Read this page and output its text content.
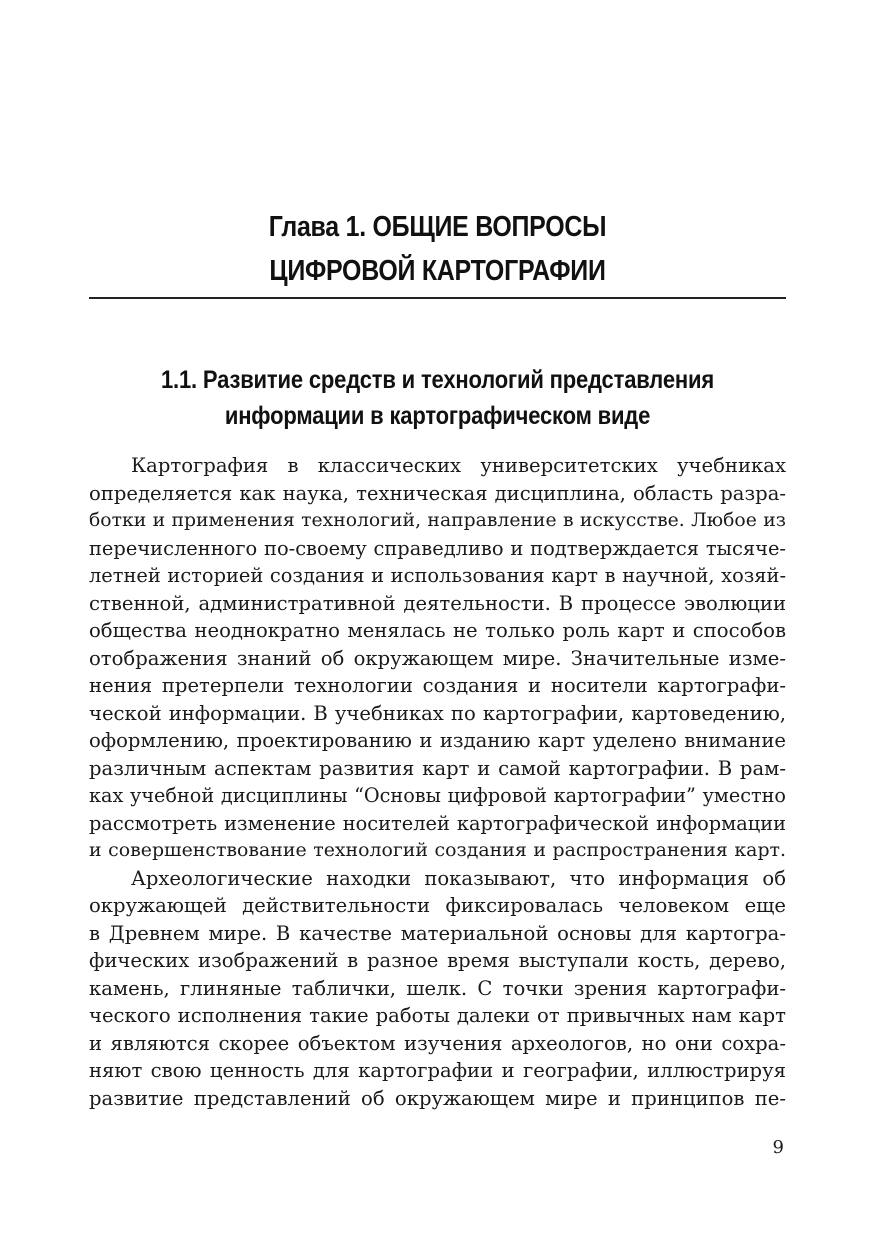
Глава 1. ОБЩИЕ ВОПРОСЫ
ЦИФРОВОЙ КАРТОГРАФИИ
1.1. Развитие средств и технологий представления
информации в картографическом виде

Картография в классических университетских учебниках
определяется как наука, техническая дисциплина, область разра-
ботки и применения технологий, направление в искусстве. Любое из
перечисленного по-своему справедливо и подтверждается тысяче-
летней историей создания и использования карт в научной, хозяй-
ственной, административной деятельности. В процессе эволюции
общества неоднократно менялась не только роль карт и способов
отображения знаний об окружающем мире. Значительные изме-
нения претерпели технологии создания и носители картографи-
ческой информации. В учебниках по картографии, картоведению,
оформлению, проектированию и изданию карт уделено внимание
различным аспектам развития карт и самой картографии. В рам-
ках учебной дисциплины “Основы цифровой картографии” уместно
рассмотреть изменение носителей картографической информации
и совершенствование технологий создания и распространения карт.

Археологические находки показывают, что информация об
окружающей действительности фиксировалась человеком еще
в Древнем мире. В качестве материальной основы для картогра-
фических изображений в разное время выступали кость, дерево,
камень, глиняные таблички, шелк. С точки зрения картографи-
ческого исполнения такие работы далеки от привычных нам карт
и являются скорее объектом изучения археологов, но они сохра-
няют свою ценность для картографии и географии, иллюстрируя
развитие представлений об окружающем мире и принципов пе-

9
